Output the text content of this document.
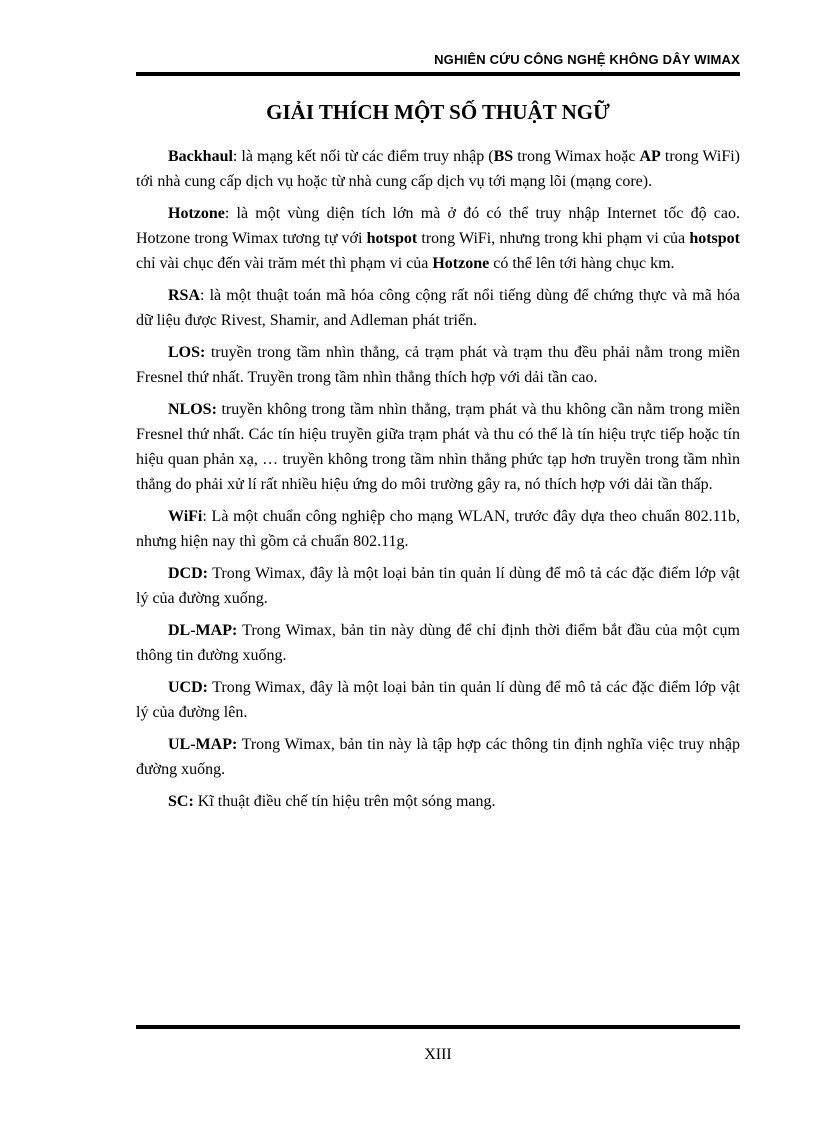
NGHIÊN CỨU CÔNG NGHỆ KHÔNG DÂY WIMAX
GIẢI THÍCH MỘT SỐ THUẬT NGỮ

Backhaul: là mạng kết nối từ các điểm truy nhập (BS trong Wimax hoặc AP trong WiFi) tới nhà cung cấp dịch vụ hoặc từ nhà cung cấp dịch vụ tới mạng lõi (mạng core).

Hotzone: là một vùng diện tích lớn mà ở đó có thể truy nhập Internet tốc độ cao. Hotzone trong Wimax tương tự với hotspot trong WiFi, nhưng trong khi phạm vi của hotspot chỉ vài chục đến vài trăm mét thì phạm vi của Hotzone có thể lên tới hàng chục km.

RSA: là một thuật toán mã hóa công cộng rất nổi tiếng dùng để chứng thực và mã hóa dữ liệu được Rivest, Shamir, and Adleman phát triển.

LOS: truyền trong tầm nhìn thẳng, cả trạm phát và trạm thu đều phải nằm trong miền Fresnel thứ nhất. Truyền trong tầm nhìn thẳng thích hợp với dải tần cao.

NLOS: truyền không trong tầm nhìn thẳng, trạm phát và thu không cần nằm trong miền Fresnel thứ nhất. Các tín hiệu truyền giữa trạm phát và thu có thể là tín hiệu trực tiếp hoặc tín hiệu quan phản xạ, … truyền không trong tầm nhìn thẳng phức tạp hơn truyền trong tầm nhìn thẳng do phải xử lí rất nhiều hiệu ứng do môi trường gây ra, nó thích hợp với dải tần thấp.

WiFi: Là một chuẩn công nghiệp cho mạng WLAN, trước đây dựa theo chuẩn 802.11b, nhưng hiện nay thì gồm cả chuẩn 802.11g.

DCD: Trong Wimax, đây là một loại bản tin quản lí dùng để mô tả các đặc điểm lớp vật lý của đường xuống.

DL-MAP: Trong Wimax, bản tin này dùng để chỉ định thời điểm bắt đầu của một cụm thông tin đường xuống.

UCD: Trong Wimax, đây là một loại bản tin quản lí dùng để mô tả các đặc điểm lớp vật lý của đường lên.

UL-MAP: Trong Wimax, bản tin này là tập hợp các thông tin định nghĩa việc truy nhập đường xuống.

SC: Kĩ thuật điều chế tín hiệu trên một sóng mang.

XIII
